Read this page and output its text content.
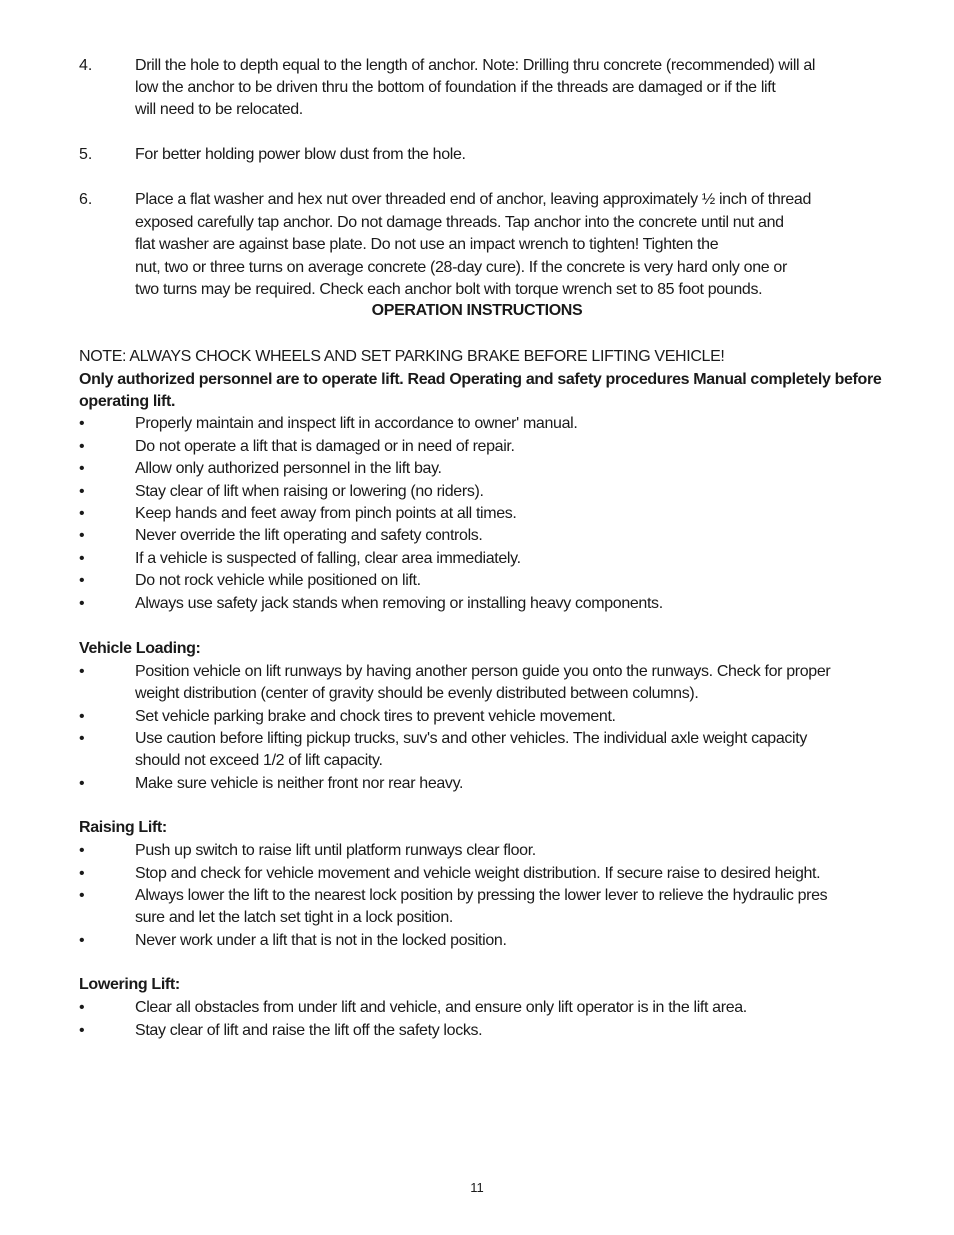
4.	Drill the hole to depth equal to the length of anchor. Note: Drilling thru concrete (recommended) will al
low the anchor to be driven thru the bottom of foundation if the threads are damaged or if the lift
will need to be relocated.
5.	For better holding power blow dust from the hole.
6.	Place a flat washer and hex nut over threaded end of anchor, leaving approximately ½ inch of thread
exposed carefully tap anchor. Do not damage threads. Tap anchor into the concrete until nut and
flat washer are against base plate. Do not use an impact wrench to tighten! Tighten the
nut, two or three turns on average concrete (28-day cure). If the concrete is very hard only one or
two turns may be required. Check each anchor bolt with torque wrench set to 85 foot pounds.
OPERATION INSTRUCTIONS
NOTE: ALWAYS CHOCK WHEELS AND SET PARKING BRAKE BEFORE LIFTING VEHICLE!
Only authorized personnel are to operate lift. Read Operating and safety procedures Manual completely before
operating lift.
•	Properly maintain and inspect lift in accordance to owner' manual.
•	Do not operate a lift that is damaged or in need of repair.
•	Allow only authorized personnel in the lift bay.
•	Stay clear of lift when raising or lowering (no riders).
•	Keep hands and feet away from pinch points at all times.
•	Never override the lift operating and safety controls.
•	If a vehicle is suspected of falling, clear area immediately.
•	Do not rock vehicle while positioned on lift.
•	Always use safety jack stands when removing or installing heavy components.
Vehicle Loading:
•	Position vehicle on lift runways by having another person guide you onto the runways. Check for proper
weight distribution (center of gravity should be evenly distributed between columns).
•	Set vehicle parking brake and chock tires to prevent vehicle movement.
•	Use caution before lifting pickup trucks, suv's and other vehicles. The individual axle weight capacity
should not exceed 1/2 of lift capacity.
•	Make sure vehicle is neither front nor rear heavy.
Raising Lift:
•	Push up switch to raise lift until platform runways clear floor.
•	Stop and check for vehicle movement and vehicle weight distribution. If secure raise to desired height.
•	Always lower the lift to the nearest lock position by pressing the lower lever to relieve the hydraulic pres
sure and let the latch set tight in a lock position.
•	Never work under a lift that is not in the locked position.
Lowering Lift:
•	Clear all obstacles from under lift and vehicle, and ensure only lift operator is in the lift area.
•	Stay clear of lift and raise the lift off the safety locks.
11
